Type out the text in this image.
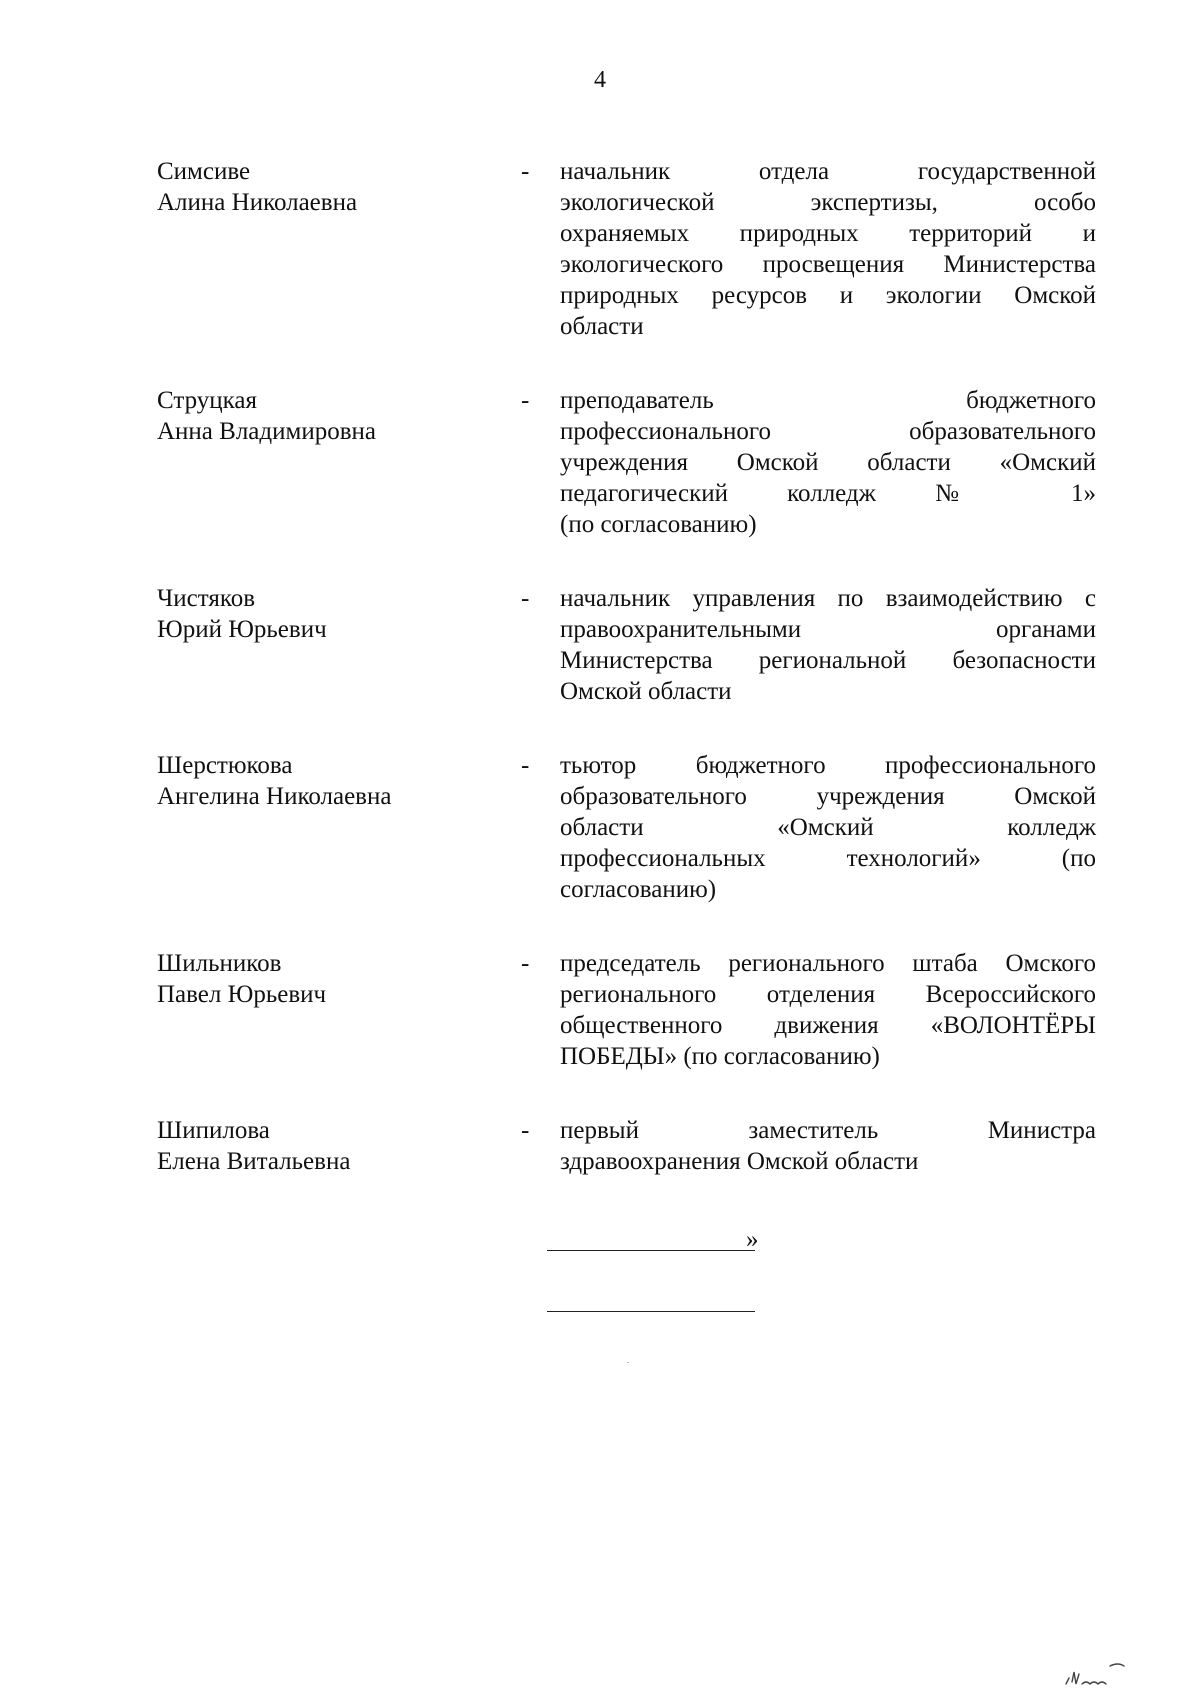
4
Симсиве
Алина Николаевна
-	начальник отдела государственной
экологической экспертизы, особо
охраняемых природных территорий и
экологического просвещения Министерства
природных ресурсов и экологии Омской
области
Струцкая
Анна Владимировна
-	преподаватель бюджетного
профессионального образовательного
учреждения Омской области «Омский
педагогический колледж № 1»
(по согласованию)
Чистяков
Юрий Юрьевич
-	начальник управления по взаимодействию с
правоохранительными органами
Министерства региональной безопасности
Омской области
Шерстюкова
Ангелина Николаевна
-	тьютор бюджетного профессионального
образовательного учреждения Омской
области «Омский колледж
профессиональных технологий» (по
согласованию)
Шильников
Павел Юрьевич
-	председатель регионального штаба Омского
регионального отделения Всероссийского
общественного движения «ВОЛОНТЁРЫ
ПОБЕДЫ» (по согласованию)
Шипилова
Елена Витальевна
-	первый заместитель Министра
здравоохранения Омской области
»
